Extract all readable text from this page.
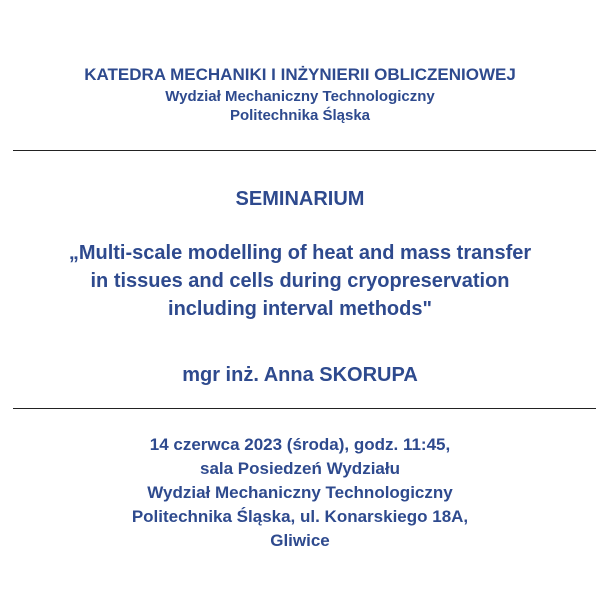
KATEDRA MECHANIKI I INŻYNIERII OBLICZENIOWEJ
Wydział Mechaniczny Technologiczny
Politechnika Śląska
SEMINARIUM
„Multi-scale modelling of heat and mass transfer
in tissues and cells during cryopreservation
including interval methods"
mgr inż. Anna SKORUPA
14 czerwca 2023 (środa), godz. 11:45,
sala Posiedzeń Wydziału
Wydział Mechaniczny Technologiczny
Politechnika Śląska, ul. Konarskiego 18A,
Gliwice
